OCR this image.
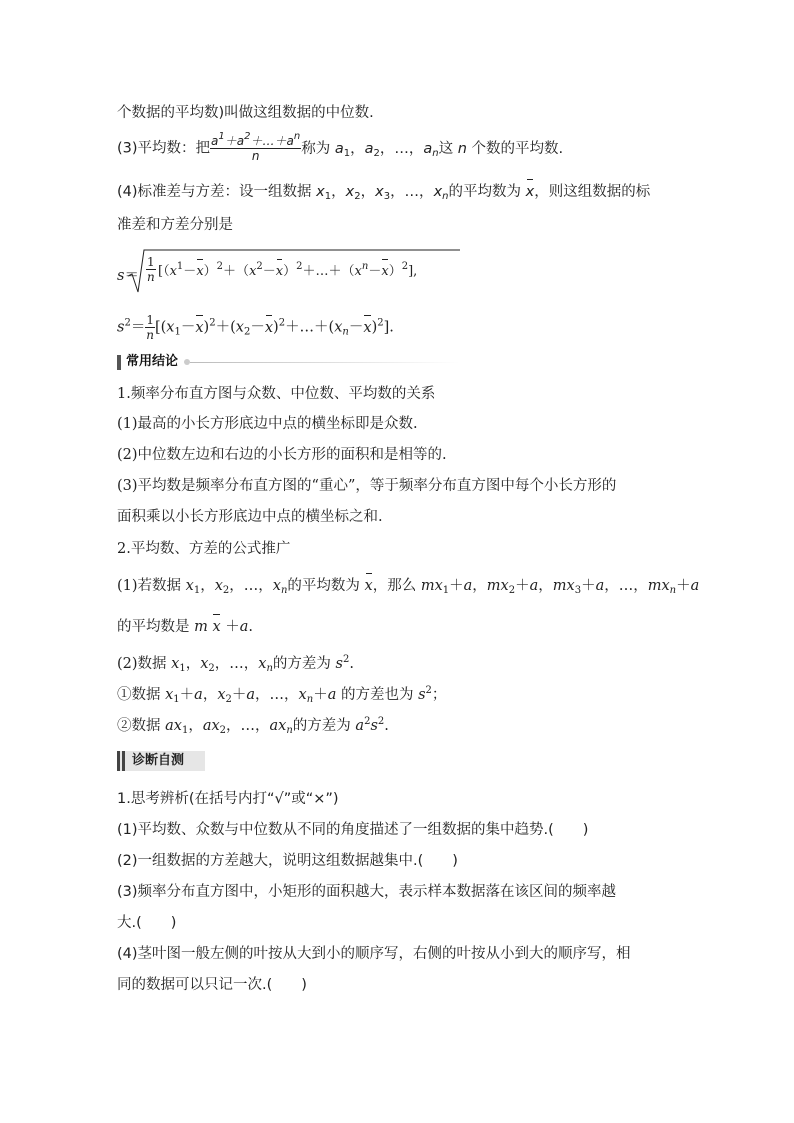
个数据的平均数)叫做这组数据的中位数.
(3)平均数：把 $\frac{a^1+a^2+\dots+a^n}{n}$ 称为 $a_1$，$a_2$，…，$a_n$这 n 个数的平均数.
(4)标准差与方差：设一组数据 $x_1$，$x_2$，$x_3$，…，$x_n$的平均数为 x，则这组数据的标
准差和方差分别是
$s= \frac{1}{n}$ $[(x^1-x)^2+(x^2-x)^2+\dots+(x^n-x)^2]$,
$s^2= \frac{1}{n}$ $[(x_1-x)^2+(x_2-x)^2+\dots+(x_n-x)^2]$.
常用结论
1.频率分布直方图与众数、中位数、平均数的关系
(1)最高的小长方形底边中点的横坐标即是众数.
(2)中位数左边和右边的小长方形的面积和是相等的.
(3)平均数是频率分布直方图的“重心”，等于频率分布直方图中每个小长方形的
面积乘以小长方形底边中点的横坐标之和.
2.平均数、方差的公式推广
(1)若数据 $x_1$，$x_2$，…，$x_n$的平均数为 x，那么 $mx_1+a$，$mx_2+a$，$mx_3+a$，…，$mx_n+a$
的平均数是 m x ＋a.
(2)数据 $x_1$，$x_2$，…，$x_n$的方差为 $s^2$.
①数据 $x_1+a$，$x_2+a$，…，$x_n+a$ 的方差也为 $s^2$；
②数据 $ax_1$，$ax_2$，…，$ax_n$的方差为 $a^2s^2$.
诊断自测
1.思考辨析(在括号内打“√”或“×”)
(1)平均数、众数与中位数从不同的角度描述了一组数据的集中趋势.(　　)
(2)一组数据的方差越大，说明这组数据越集中.(　　)
(3)频率分布直方图中，小矩形的面积越大，表示样本数据落在该区间的频率越
大.(　　)
(4)茎叶图一般左侧的叶按从大到小的顺序写，右侧的叶按从小到大的顺序写，相
同的数据可以只记一次.(　　)
